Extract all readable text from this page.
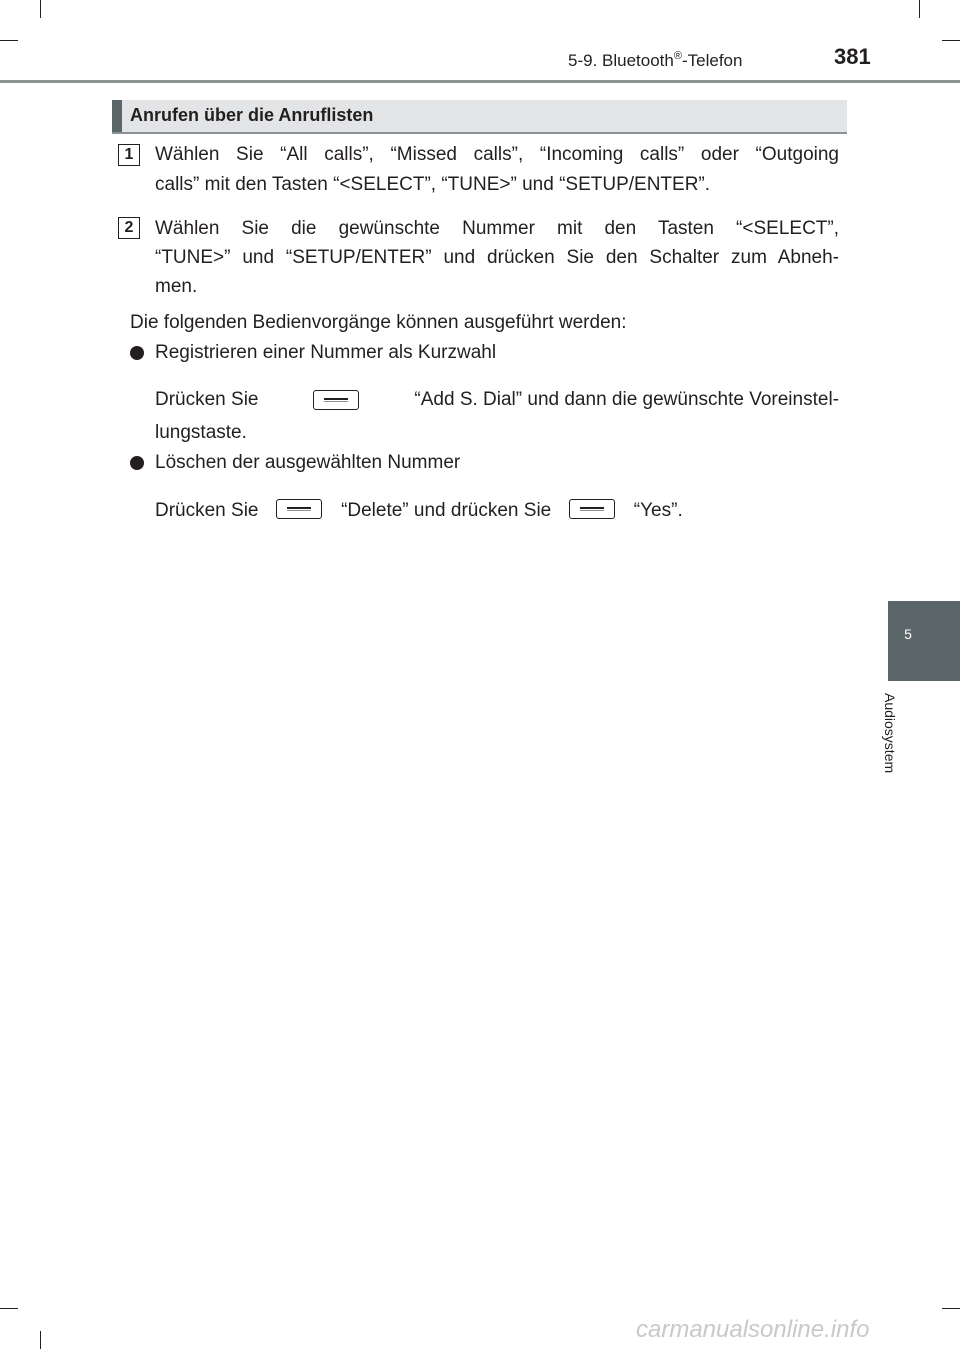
5-9. Bluetooth®-Telefon	381
5
Audiosystem
Anrufen über die Anruflisten
1	Wählen Sie “All calls”, “Missed calls”, “Incoming calls” oder “Outgoing
calls” mit den Tasten “<SELECT”, “TUNE>” und “SETUP/ENTER”.
2	Wählen Sie die gewünschte Nummer mit den Tasten “<SELECT”,
“TUNE>” und “SETUP/ENTER” und drücken Sie den Schalter zum Abneh-
men.
Die folgenden Bedienvorgänge können ausgeführt werden:
Registrieren einer Nummer als Kurzwahl
Drücken Sie	“Add S. Dial” und dann die gewünschte Voreinstel-
lungstaste.
Löschen der ausgewählten Nummer
Drücken Sie	“Delete” und drücken Sie	“Yes”.
carmanualsonline.info
